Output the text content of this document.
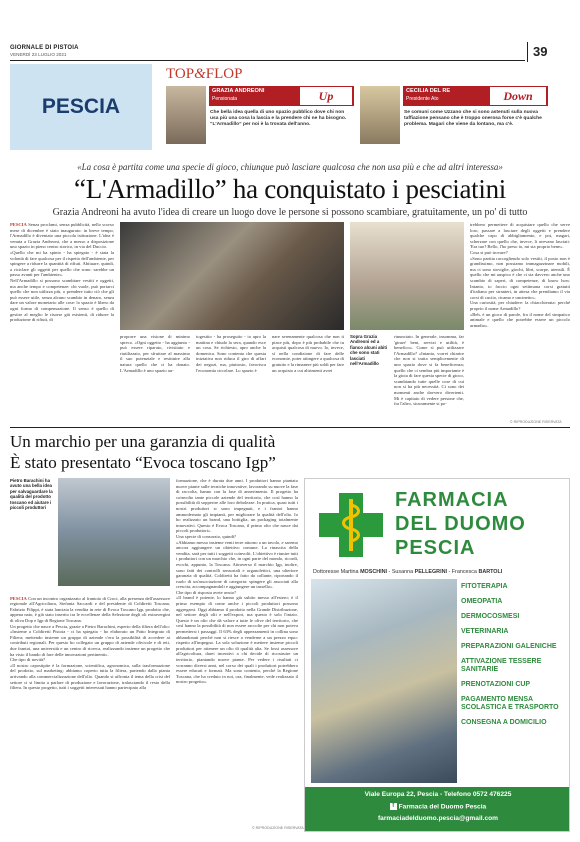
GIORNALE DI PISTOIA
VENERDÌ 23 LUGLIO 2021	39
PESCIA
TOP&FLOP
GRAZIA ANDREONI
Pensionata	Up
Che bella idea quella di uno spazio pubblico dove chi non usa più una cosa la lascia e la prendere chi ne ha bisogno. “L'Armadillo” per noi è la trovata dell'anno.
CECILIA DEL RE
Presidente Ato	Down
Se comuni come Uzzano che si sono astenuti sulla nuova taffiazione pensano che è troppo onerosa forse c'è qualche problema. Magari che viene da lontano, ma c'è.
«La cosa è partita come una specie di gioco, chiunque può lasciare qualcosa che non usa più e che ad altri interessa»
“L'Armadillo” ha conquistato i pesciatini
Grazia Andreoni ha avuto l'idea di creare un luogo dove le persone si possono scambiare, gratuitamente, un po' di tutto
PESCIA Senza proclami, senza pubblicità, nello scorso mese di dicembre è stato inaugurato: in breve tempo, l'Armadillo è diventato una piccola istituzione. L'idea è venuta a Grazia Andreoni, che a messo a disposizione uno spazio in pieno centro storico, in via del Duccio.
«Quello che mi ha spinto - ha spiegato - è stata la volontà di fare qualcosa per il rispetto dell'ambiente, per spingere a ridurre la quantità di rifiuti. Abituare, quindi, a riciclare gli oggetti per quello che sono: sarebbe un passo avanti per l'ambiente».
Nell'Armadillo si possono scambiare vestiti e oggetti, ma anche tempo e competenze: chi vuole, può portarci quello che non utilizza più, o prendere tutto ciò che gli può essere utile, senza alcuno scambio in denaro, senza dare un valore monetario alle cose: lo spazio è libero da ogni forma di compensazione. Il senso è quello di gestire al meglio le risorse già esistenti, di ridurre la produzione di rifiuti, di
proporre una visione di minimo spreco. «Ogni oggetto - ha aggiunto - può essere riparato, rivisitato e riutilizzato, per sfruttare al massimo il suo potenziale e restituire alla natura quello che ci ha donato. L'Armadillo è uno spazio au-
togestito - ha proseguito - io apro la mattina e chiudo la sera, quando esce un cosa. Se richiesto, apro anche la domenica. Sono contenta che questa iniziativa non riduca il giro di affari dei negozi, ma, piuttosto, favorisca l'economia circolare. Lo spazio è
nare serenamente qualcosa che non ti piace più, dopo è più probabile che tu acquisti qualcosa di nuovo. Io, invece, sì nella condizione di fare delle economie, poter attingere a qualcosa di gratuito e la rimanere più soldi per fare un acquisto a cui altrimenti avrei
Sopra Grazia Andreoni ed a fianco alcuni abiti che sono stati lasciati nell'Armadillo
rinunciato. In generale, insomma, far 'girare' beni, servizi e utilità, è benefico». Come si può utilizzare l'Armadillo? «Intanto, vorrei chiarire che non si tratta semplicemente di uno spazio dove si fa beneficenza; quello che ci sembra più importante è la gioia di fare questa specie di gioco, scambiando tutte quelle cose di cui non si ha più necessità. Ci sono dei momenti anche davvero divertenti. Mi è capitato di vedere persone che, fra l'altro, sicuramente si po-
trebbero permettere di acquistare quello che serve loro, passare a lasciare degli oggetti e prendere qualche capo di abbigliamento, e poi, magari, scherzare con quello che, invece, li avevano lasciati: 'Era tuo? Bello, l'ho preso io, mi sta proprio bene».
Cosa si può trovare?
«Sono partita raccogliendo solo vestiti, il posto non è grandissimo, non possiamo immagazzinare mobili, ma ci sono stoviglie, giochi, libri, scarpe, utensili. È quello che mi auspico è che ci sia davvero anche uno scambio di saperi, di competenze, di know how. Intanto, io faccio ogni settimana corsi gratuiti d'italiano per stranieri, in attesa che prendiamo il via corsi di cucito, ricamo e uncinetto».
Una curiosità, per chiudere: la chiacchierata: perché proprio il nome Armadillo?
«Beh, è un gioco di parole, fra il nome del simpatico animale e quello che potrebbe essere un piccolo armadio».
© RIPRODUZIONE RISERVATA
Un marchio per una garanzia di qualità
È stato presentato “Evoca toscano Igp”
Pietro Barachini ha avuto una bella idea per salvaguardare la qualità del prodotto toscano ed aiutare i piccoli produttori

PESCIA Con un incontro organizzato al frantoio di Croci, alla presenza dell'assessore regionale all'Agricoltura, Stefania Saccardi e del presidente di Coldiretti Toscana, Fabrizio Filippi, è stata lanciata la vendita in rete di Evoca Toscano Igp, prodotto che, appena nato, è già stato inserito tra le eccellenze della Selezione degli oli extravergini di oliva Dop e Igp di Regione Toscana.
Un progetto che nasce a Pescia, grazie a Pietro Barachini, esperto della filiera dell'olio: «Insieme a Coldiretti Pistoia - ci ha spiegato - ho elaborato un Patto Integrato di Filiera; mettendo insieme un gruppo di aziende c'era la possibilità di accedere ai contributi regionali. Per questo ho collegato un gruppo di aziende olivicole e di reti, due frantoi, una università e un centro di ricerca, realizzando insieme un progetto che ha visto il bando di fare delle innovazioni pertinenti».
Che tipo di novità?
«Il nostro capostipite è la formazione, scientifica, agronomica, sulla trasformazione del prodotto, sul marketing: abbiamo coperto tutta la filiera, partendo dalla pianta arrivando alla commercializzazione dell'olio. Quando si affronta il tema della crisi del settore ci si limita a parlare di produzione e lavorazione, tralasciando il resto della filiera. In questo progetto, tutti i soggetti interessati hanno partecipato alla

formazione, che è durata due anni. I produttori hanno piantato nuove piante sulle tecniche innovative, lavorando su nuove la fase di raccolta, hanno con la fase di annerimento. Il progetto ha coinvolto tante piccole aziende del territorio, che così hanno la possibilità di sopperire alle loro debolezze. In pratica, quasi tutti i nostri produttori si sono impegnati, e i frantoi hanno ammodernato gli impianti, per migliorare la qualità dell'olio. Io ho realizzato un brand, una bottiglia, un packaging totalmente innovativi. Questo è Evoca Toscano, il primo olio che nasce dai piccoli produttori».
Una specie di consorzio, quindi?
«Abbiamo messo insieme venti terre attorno a un tavolo, e saremo ancora aggiungere un obiettivo comune. La rinascita della vendita, sarà per tutti i soggetti coinvolti. L'obiettivo è riunire tutti i produttori con un marchio che, in ogni parte del mondo, ricordi, evochi, appunto, la Toscana. Attraverso il marchio Igp, inoltre, sono fatti dei controlli sensoriali e organolettici, una ulteriore garanzia di qualità. Coldiretti ha fatto da collante, riportando il ruolo di un'associazione di categoria: spingere gli associati alla crescita, accompagnandoli e aggiungere un tassello».
Che tipo di risposta avete avuto?
«Il brand è potente, lo hanno già subito messo all'estero; è il primo esempio di come anche i piccoli produttori possono aggregarsi. Oggi abbiamo il prodotto nella Grande Distribuzione, nel settore degli olii e nell'export, ma questo è solo l'inizio. Questo è un olio che dà valore a tutte le olive del territorio, che così hanno la possibilità di non essere raccolte per chi non poteva permettersi i passaggi. Il 63% degli appezzamenti in collina sono abbandonati perché non si riesce a venderne a un prezzo equo: rispetto all'impegno. La sola soluzione è mettere insieme piccoli produttori per ottenere un olio di qualità alta. Se fossi assessore all'agricoltura, darei incentivi a chi decide di ricostruire un territorio, piantando nuove piante. Per vedere i risultati ci vorranno diversi anni, nel corso dei quali i produttori potrebbero essere educati e formati. Ma sono contento, perché la Regione Toscana, che ha creduto in noi, ora, finalmente, vede realizzato il nostro progetto».
© RIPRODUZIONE RISERVATA
FARMACIA
DEL DUOMO
PESCIA
Dottoresse Martina MOSCHINI - Susanna PELLEGRINI - Francesca BARTOLI
FITOTERAPIA
OMEOPATIA
DERMOCOSMESI
VETERINARIA
PREPARAZIONI GALENICHE
ATTIVAZIONE TESSERE SANITARIE
PRENOTAZIONI CUP
PAGAMENTO MENSA SCOLASTICA E TRASPORTO
CONSEGNA A DOMICILIO
Viale Europa 22, Pescia - Telefono 0572 476225
f Farmacia del Duomo Pescia
farmaciadelduomo.pescia@gmail.com
